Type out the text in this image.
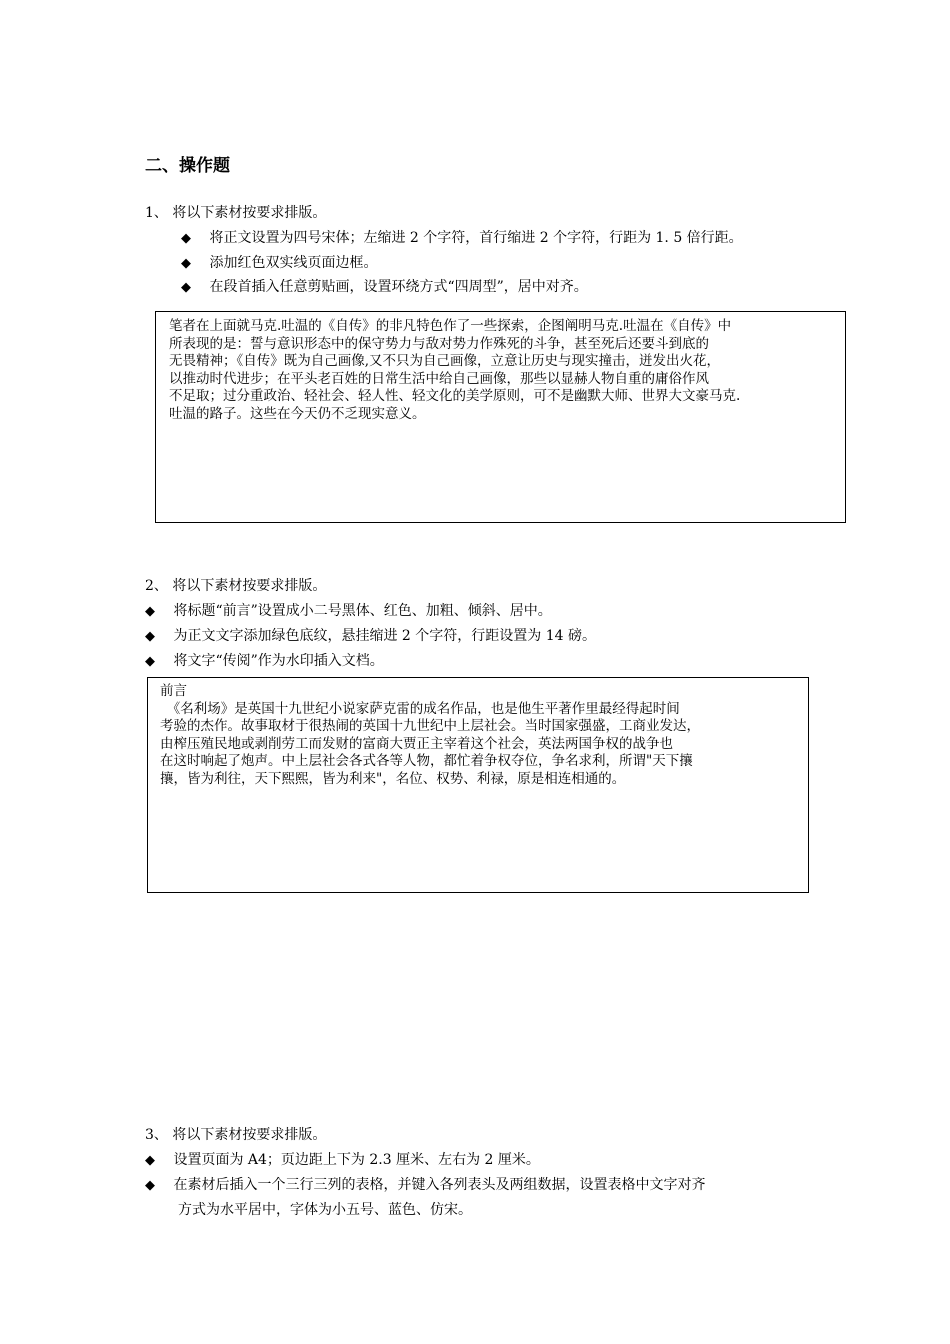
二、操作题
1、 将以下素材按要求排版。
◆ 将正文设置为四号宋体；左缩进 2 个字符，首行缩进 2 个字符，行距为 1. 5 倍行距。
◆ 添加红色双实线页面边框。
◆ 在段首插入任意剪贴画，设置环绕方式“四周型”，居中对齐。
笔者在上面就马克.吐温的《自传》的非凡特色作了一些探索，企图阐明马克.吐温在《自传》中
所表现的是：誓与意识形态中的保守势力与敌对势力作殊死的斗争，甚至死后还要斗到底的
无畏精神；《自传》既为自己画像,又不只为自己画像，立意让历史与现实撞击，迸发出火花，
以推动时代进步；在平头老百姓的日常生活中给自己画像，那些以显赫人物自重的庸俗作风
不足取；过分重政治、轻社会、轻人性、轻文化的美学原则，可不是幽默大师、世界大文豪马克.
吐温的路子。这些在今天仍不乏现实意义。
2、 将以下素材按要求排版。
◆ 将标题“前言”设置成小二号黑体、红色、加粗、倾斜、居中。
◆ 为正文文字添加绿色底纹，悬挂缩进 2 个字符，行距设置为 14 磅。
◆ 将文字“传阅”作为水印插入文档。
前言
　《名利场》是英国十九世纪小说家萨克雷的成名作品，也是他生平著作里最经得起时间
考验的杰作。故事取材于很热闹的英国十九世纪中上层社会。当时国家强盛，工商业发达，
由榨压殖民地或剥削劳工而发财的富商大贾正主宰着这个社会，英法两国争权的战争也
在这时响起了炮声。中上层社会各式各等人物，都忙着争权夺位，争名求利，所谓"天下攘
攘，皆为利往，天下熙熙，皆为利来"，名位、权势、利禄，原是相连相通的。
3、 将以下素材按要求排版。
◆ 设置页面为 A4；页边距上下为 2.3 厘米、左右为 2 厘米。
◆ 在素材后插入一个三行三列的表格，并键入各列表头及两组数据，设置表格中文字对齐
方式为水平居中，字体为小五号、蓝色、仿宋。
